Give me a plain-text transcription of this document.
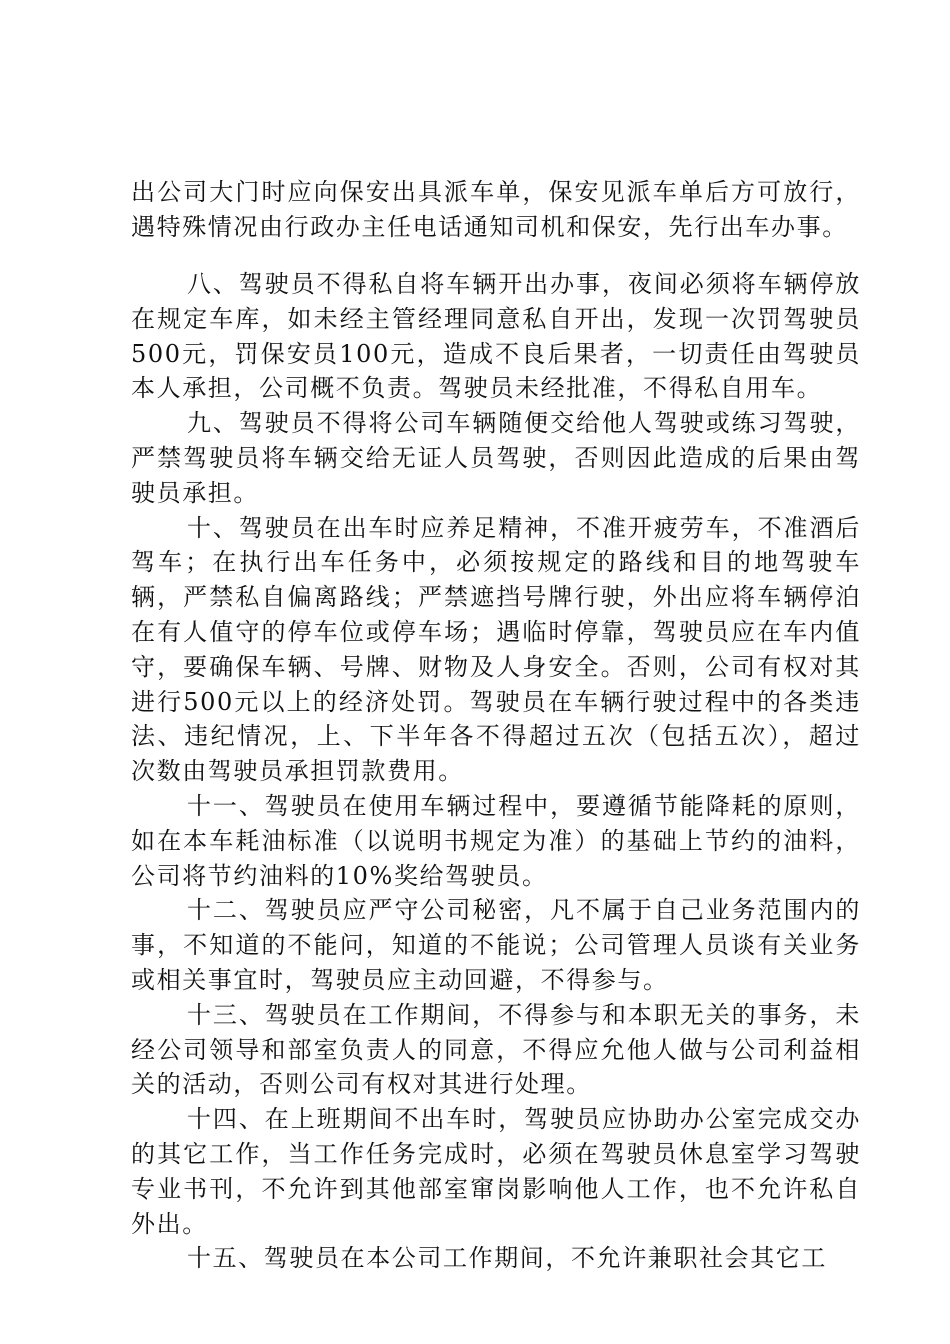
出公司大门时应向保安出具派车单，保安见派车单后方可放行，遇特殊情况由行政办主任电话通知司机和保安，先行出车办事。

八、驾驶员不得私自将车辆开出办事，夜间必须将车辆停放在规定车库，如未经主管经理同意私自开出，发现一次罚驾驶员500元，罚保安员100元，造成不良后果者，一切责任由驾驶员本人承担，公司概不负责。驾驶员未经批准，不得私自用车。

九、驾驶员不得将公司车辆随便交给他人驾驶或练习驾驶，严禁驾驶员将车辆交给无证人员驾驶，否则因此造成的后果由驾驶员承担。

十、驾驶员在出车时应养足精神，不准开疲劳车，不准酒后驾车；在执行出车任务中，必须按规定的路线和目的地驾驶车辆，严禁私自偏离路线；严禁遮挡号牌行驶，外出应将车辆停泊在有人值守的停车位或停车场；遇临时停靠，驾驶员应在车内值守，要确保车辆、号牌、财物及人身安全。否则，公司有权对其进行500元以上的经济处罚。驾驶员在车辆行驶过程中的各类违法、违纪情况，上、下半年各不得超过五次（包括五次），超过次数由驾驶员承担罚款费用。

十一、驾驶员在使用车辆过程中，要遵循节能降耗的原则，如在本车耗油标准（以说明书规定为准）的基础上节约的油料，公司将节约油料的10%奖给驾驶员。

十二、驾驶员应严守公司秘密，凡不属于自己业务范围内的事，不知道的不能问，知道的不能说；公司管理人员谈有关业务或相关事宜时，驾驶员应主动回避，不得参与。

十三、驾驶员在工作期间，不得参与和本职无关的事务，未经公司领导和部室负责人的同意，不得应允他人做与公司利益相关的活动，否则公司有权对其进行处理。

十四、在上班期间不出车时，驾驶员应协助办公室完成交办的其它工作，当工作任务完成时，必须在驾驶员休息室学习驾驶专业书刊，不允许到其他部室窜岗影响他人工作，也不允许私自外出。

十五、驾驶员在本公司工作期间，不允许兼职社会其它工
